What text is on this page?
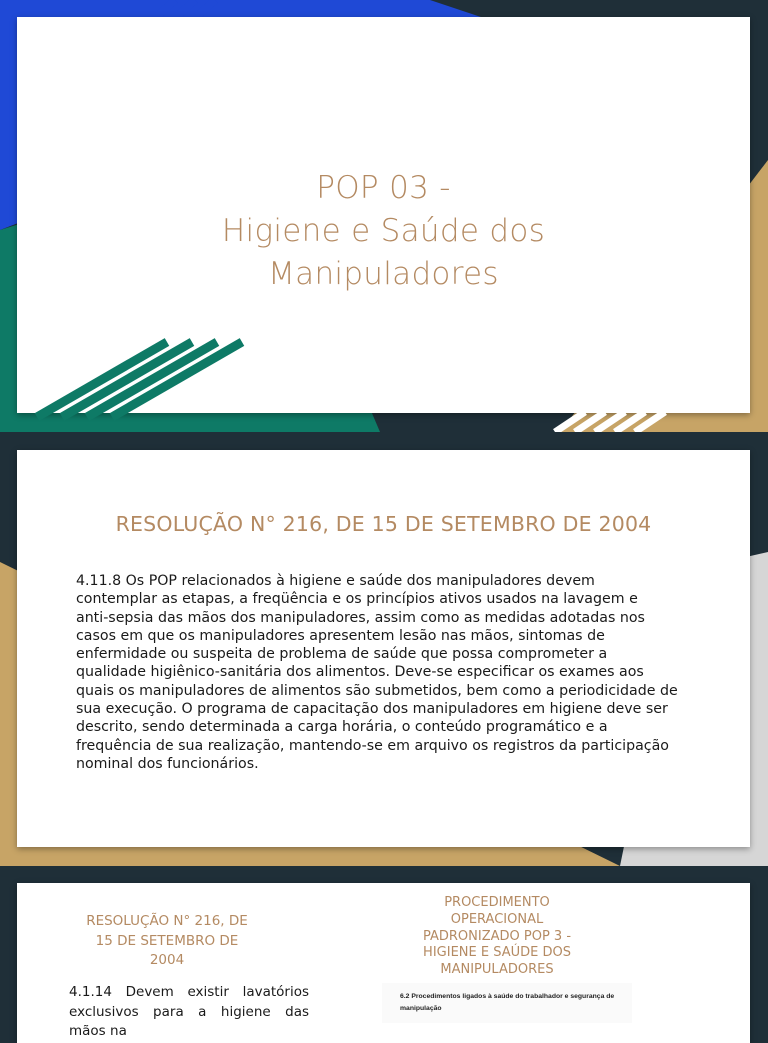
POP 03 -
Higiene e Saúde dos
Manipuladores
RESOLUÇÃO N° 216, DE 15 DE SETEMBRO DE 2004
4.11.8 Os POP relacionados à higiene e saúde dos manipuladores devem
contemplar as etapas, a freqüência e os princípios ativos usados na lavagem e
anti-sepsia das mãos dos manipuladores, assim como as medidas adotadas nos
casos em que os manipuladores apresentem lesão nas mãos, sintomas de
enfermidade ou suspeita de problema de saúde que possa comprometer a
qualidade higiênico-sanitária dos alimentos. Deve-se especificar os exames aos
quais os manipuladores de alimentos são submetidos, bem como a periodicidade de
sua execução. O programa de capacitação dos manipuladores em higiene deve ser
descrito, sendo determinada a carga horária, o conteúdo programático e a
frequência de sua realização, mantendo-se em arquivo os registros da participação
nominal dos funcionários.
RESOLUÇÃO N° 216, DE
15 DE SETEMBRO DE
2004
4.1.14 Devem existir lavatórios
exclusivos para a higiene das mãos na
PROCEDIMENTO
OPERACIONAL
PADRONIZADO POP 3 -
HIGIENE E SAÚDE DOS
MANIPULADORES
6.2 Procedimentos ligados à saúde do trabalhador e segurança de
manipulação
